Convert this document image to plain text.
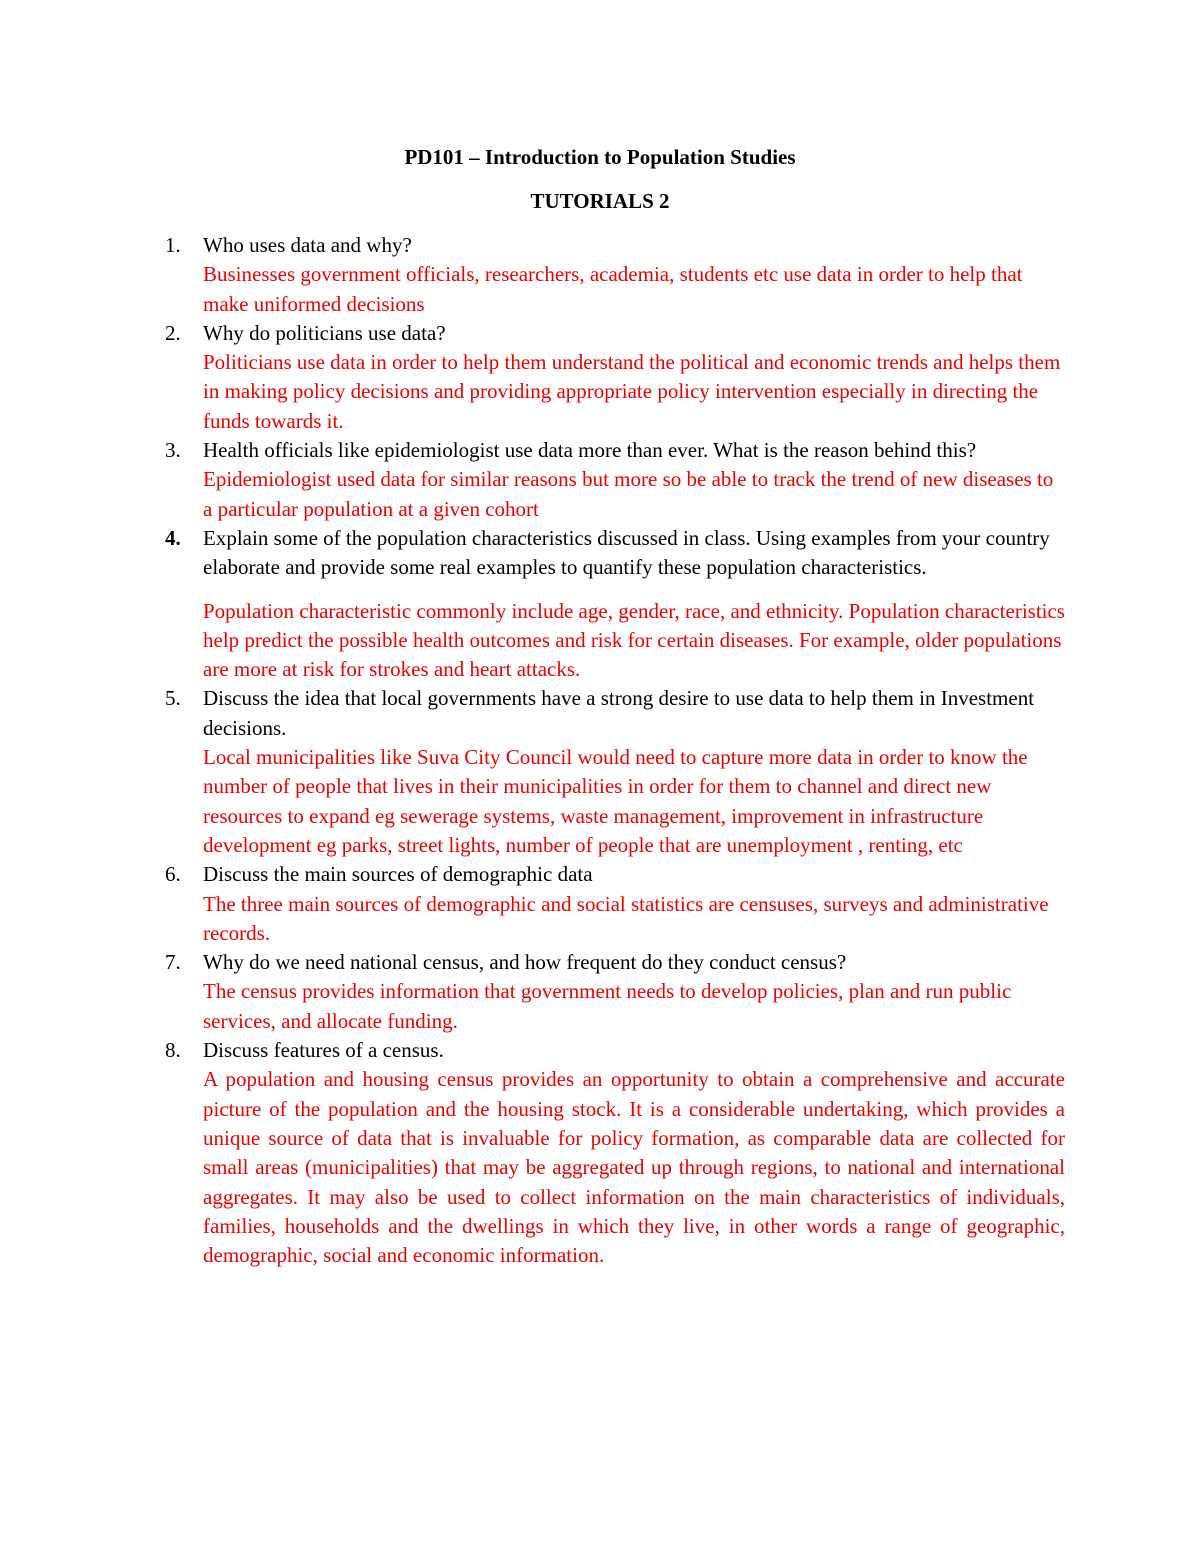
PD101 – Introduction to Population Studies
TUTORIALS 2
1.	Who uses data and why?
Businesses government officials, researchers, academia, students etc use data in order to help that make uniformed decisions
2.	Why do politicians use data?
Politicians use data in order to help them understand the political and economic trends and helps them in making policy decisions and providing appropriate policy intervention especially in directing the funds towards it.
3.	Health officials like epidemiologist use data more than ever. What is the reason behind this?
Epidemiologist used data for similar reasons but more so be able to track the trend of new diseases to a particular population at a given cohort
4.	Explain some of the population characteristics discussed in class. Using examples from your country elaborate and provide some real examples to quantify these population characteristics.
Population characteristic commonly include age, gender, race, and ethnicity. Population characteristics help predict the possible health outcomes and risk for certain diseases. For example, older populations are more at risk for strokes and heart attacks.
5.	Discuss the idea that local governments have a strong desire to use data to help them in Investment decisions.
Local municipalities like Suva City Council would need to capture more data in order to know the number of people that lives in their municipalities in order for them to channel and direct new resources to expand eg sewerage systems, waste management, improvement in infrastructure development eg parks, street lights, number of people that are unemployment , renting, etc
6.	Discuss the main sources of demographic data
The three main sources of demographic and social statistics are censuses, surveys and administrative records.
7.	Why do we need national census, and how frequent do they conduct census?
The census provides information that government needs to develop policies, plan and run public services, and allocate funding.
8.	Discuss features of a census.
A population and housing census provides an opportunity to obtain a comprehensive and accurate picture of the population and the housing stock. It is a considerable undertaking, which provides a unique source of data that is invaluable for policy formation, as comparable data are collected for small areas (municipalities) that may be aggregated up through regions, to national and international aggregates. It may also be used to collect information on the main characteristics of individuals, families, households and the dwellings in which they live, in other words a range of geographic, demographic, social and economic information.
